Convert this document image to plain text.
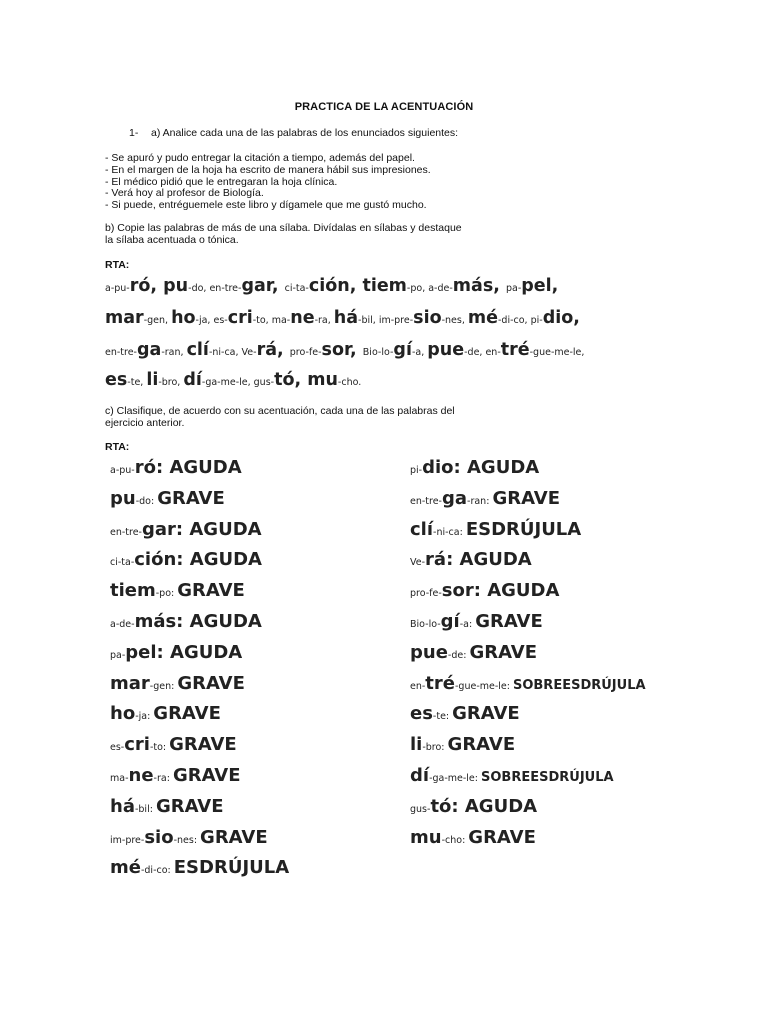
PRACTICA DE LA ACENTUACIÓN
1- a) Analice cada una de las palabras de los enunciados siguientes:
- Se apuró y pudo entregar la citación a tiempo, además del papel.
- En el margen de la hoja ha escrito de manera hábil sus impresiones.
- El médico pidió que le entregaran la hoja clínica.
- Verá hoy al profesor de Biología.
- Si puede, entréguemele este libro y dígamele que me gustó mucho.
b) Copie las palabras de más de una sílaba. Divídalas en sílabas y destaque
la sílaba acentuada o tónica.
RTA:
a-pu-ró, pu-do, en-tre-gar, ci-ta-ción, tiem-po, a-de-más, pa-pel,
mar-gen, ho-ja, es-cri-to, ma-ne-ra, há-bil, im-pre-sio-nes, mé-di-co, pi-dio,
en-tre-ga-ran, clí-ni-ca, Ve-rá, pro-fe-sor, Bio-lo-gí-a, pue-de, en-tré-gue-me-le,
es-te, li-bro, dí-ga-me-le, gus-tó, mu-cho.
c) Clasifique, de acuerdo con su acentuación, cada una de las palabras del
ejercicio anterior.
RTA:
a-pu-ró: AGUDA
pu-do: GRAVE
en-tre-gar: AGUDA
ci-ta-ción: AGUDA
tiem-po: GRAVE
a-de-más: AGUDA
pa-pel: AGUDA
mar-gen: GRAVE
ho-ja: GRAVE
es-cri-to: GRAVE
ma-ne-ra: GRAVE
há-bil: GRAVE
im-pre-sio-nes: GRAVE
mé-di-co: ESDRÚJULA
pi-dio: AGUDA
en-tre-ga-ran: GRAVE
clí-ni-ca: ESDRÚJULA
Ve-rá: AGUDA
pro-fe-sor: AGUDA
Bio-lo-gí-a: GRAVE
pue-de: GRAVE
en-tré-gue-me-le: SOBREESDRÚJULA
es-te: GRAVE
li-bro: GRAVE
dí-ga-me-le: SOBREESDRÚJULA
gus-tó: AGUDA
mu-cho: GRAVE
